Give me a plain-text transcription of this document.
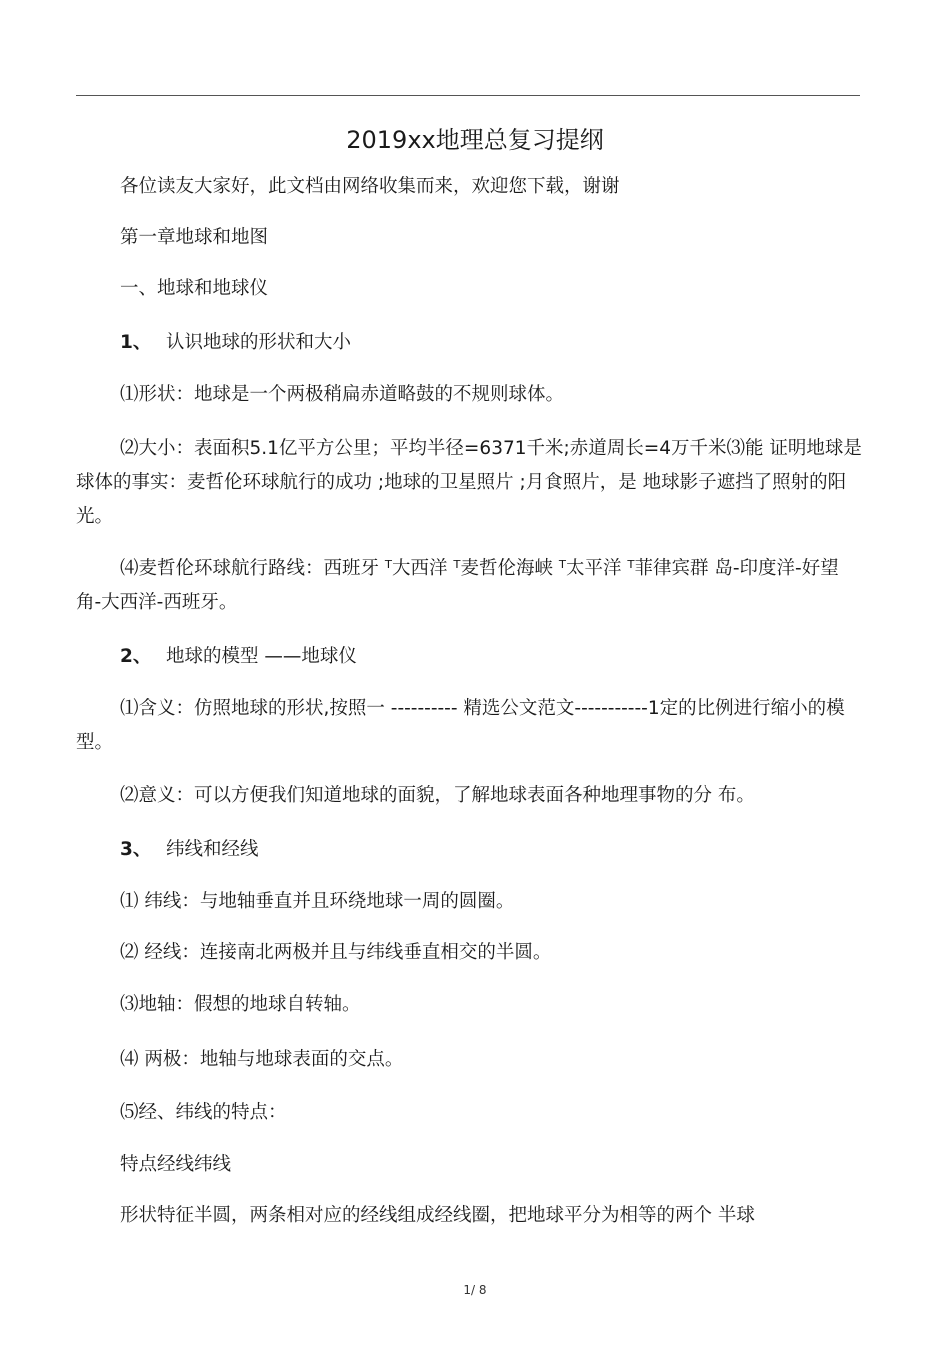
2019xx地理总复习提纲
各位读友大家好，此文档由网络收集而来，欢迎您下载，谢谢
第一章地球和地图
一、地球和地球仪
1、 认识地球的形状和大小
⑴形状：地球是一个两极稍扁赤道略鼓的不规则球体。
⑵大小：表面积5.1亿平方公里；平均半径=6371千米;赤道周长=4万千米⑶能 证明地球是球体的事实：麦哲伦环球航行的成功 ;地球的卫星照片 ;月食照片，是 地球影子遮挡了照射的阳光。
⑷麦哲伦环球航行路线：西班牙 ᵀ大西洋 ᵀ麦哲伦海峡 ᵀ太平洋 ᵀ菲律宾群 岛-印度洋-好望角-大西洋-西班牙。
2、 地球的模型 ——地球仪
⑴含义：仿照地球的形状,按照一 ---------- 精选公文范文-----------1定的比例进行缩小的模型。
⑵意义：可以方便我们知道地球的面貌，了解地球表面各种地理事物的分 布。
3、 纬线和经线
⑴ 纬线：与地轴垂直并且环绕地球一周的圆圈。
⑵ 经线：连接南北两极并且与纬线垂直相交的半圆。
⑶地轴：假想的地球自转轴。
⑷ 两极：地轴与地球表面的交点。
⑸经、纬线的特点：
特点经线纬线
形状特征半圆，两条相对应的经线组成经线圈，把地球平分为相等的两个 半球
1/ 8
